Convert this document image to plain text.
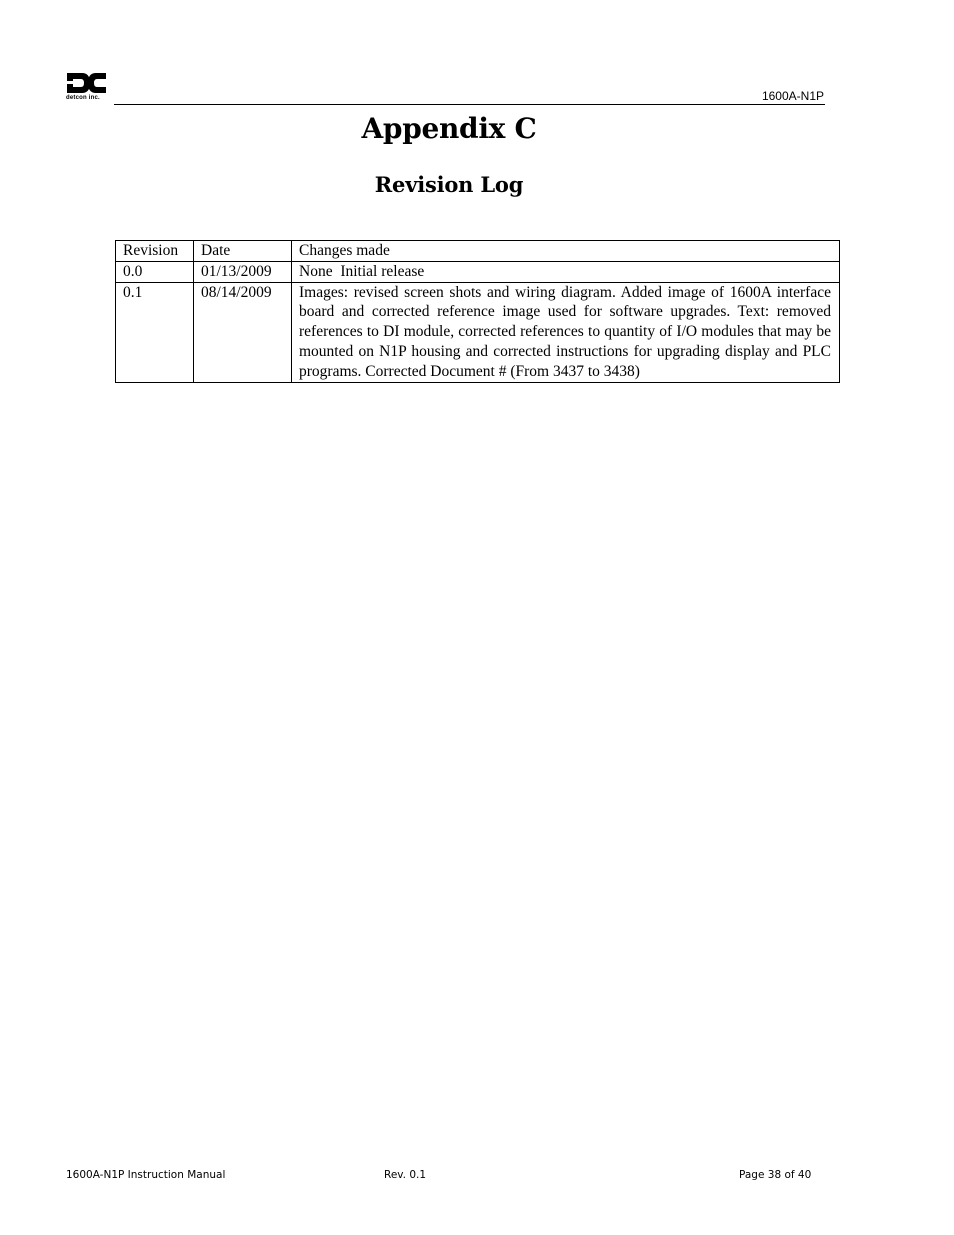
detcon inc.	1600A-N1P
Appendix C
Revision Log
Revision	Date	Changes made
0.0	01/13/2009	None  Initial release
0.1	08/14/2009	Images: revised screen shots and wiring diagram. Added image of 1600A interface board and corrected reference image used for software upgrades. Text: removed references to DI module, corrected references to quantity of I/O modules that may be mounted on N1P housing and corrected instructions for upgrading display and PLC programs. Corrected Document # (From 3437 to 3438)
1600A-N1P Instruction Manual	Rev. 0.1	Page 38 of 40
